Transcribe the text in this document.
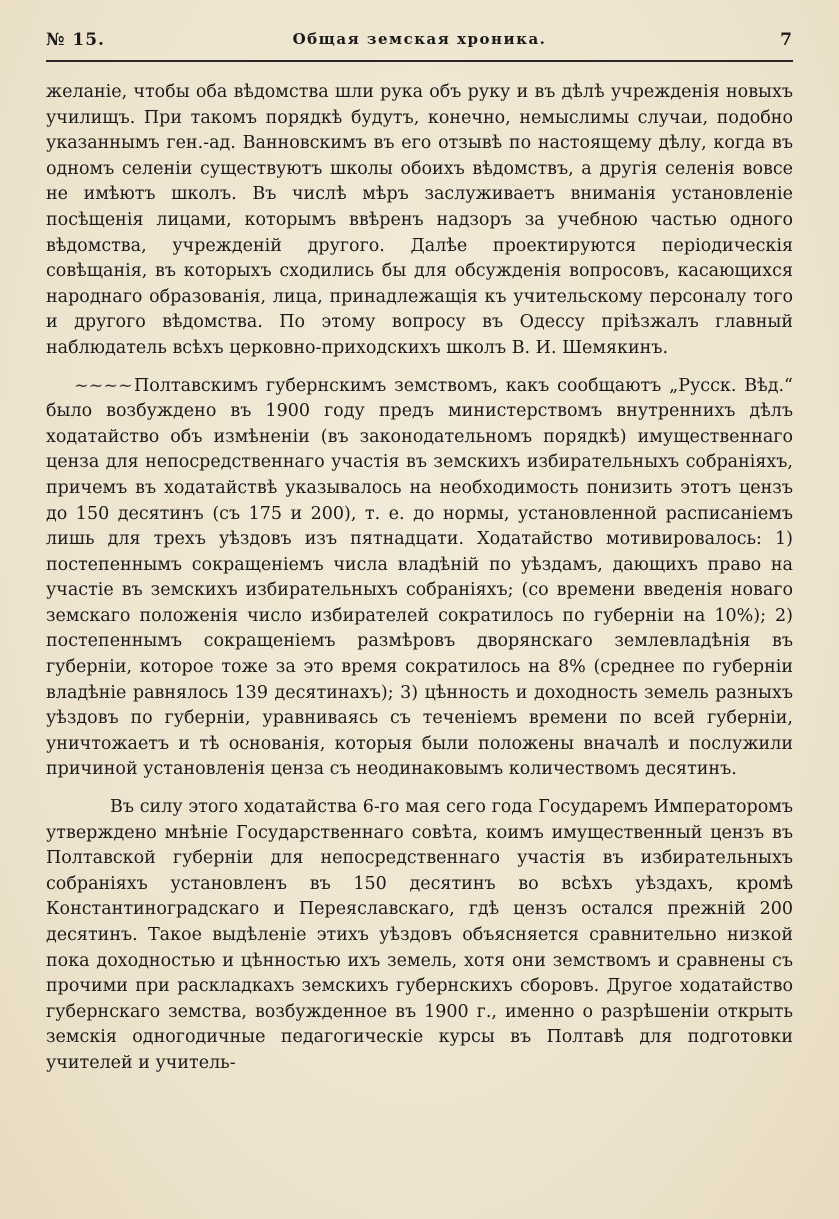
№ 15.	Общая земская хроника.	7

желаніе, чтобы оба вѣдомства шли рука объ руку и въ дѣлѣ учрежденія новыхъ училищъ. При такомъ порядкѣ будутъ, конечно, немыслимы случаи, подобно указаннымъ ген.-ад. Ванновскимъ въ его отзывѣ по настоящему дѣлу, когда въ одномъ селеніи существуютъ школы обоихъ вѣдомствъ, а другія селенія вовсе не имѣютъ школъ. Въ числѣ мѣръ заслуживаетъ вниманія установленіе посѣщенія лицами, которымъ ввѣренъ надзоръ за учебною частью одного вѣдомства, учрежденій другого. Далѣе проектируются періодическія совѣщанія, въ которыхъ сходились бы для обсужденія вопросовъ, касающихся народнаго образованія, лица, принадлежащія къ учительскому персоналу того и другого вѣдомства. По этому вопросу въ Одессу пріѣзжалъ главный наблюдатель всѣхъ церковно-приходскихъ школъ В. И. Шемякинъ.

~~~~Полтавскимъ губернскимъ земствомъ, какъ сообщаютъ „Русск. Вѣд.“ было возбуждено въ 1900 году предъ министерствомъ внутреннихъ дѣлъ ходатайство объ измѣненіи (въ законодательномъ порядкѣ) имущественнаго ценза для непосредственнаго участія въ земскихъ избирательныхъ собраніяхъ, причемъ въ ходатайствѣ указывалось на необходимость понизить этотъ цензъ до 150 десятинъ (съ 175 и 200), т. е. до нормы, установленной расписаніемъ лишь для трехъ уѣздовъ изъ пятнадцати. Ходатайство мотивировалось: 1) постепеннымъ сокращеніемъ числа владѣній по уѣздамъ, дающихъ право на участіе въ земскихъ избирательныхъ собраніяхъ; (со времени введенія новаго земскаго положенія число избирателей сократилось по губерніи на 10%); 2) постепеннымъ сокращеніемъ размѣровъ дворянскаго землевладѣнія въ губерніи, которое тоже за это время сократилось на 8% (среднее по губерніи владѣніе равнялось 139 десятинахъ); 3) цѣнность и доходность земель разныхъ уѣздовъ по губерніи, уравниваясь съ теченіемъ времени по всей губерніи, уничтожаетъ и тѣ основанія, которыя были положены вначалѣ и послужили причиной установленія ценза съ неодинаковымъ количествомъ десятинъ.

Въ силу этого ходатайства 6-го мая сего года Государемъ Императоромъ утверждено мнѣніе Государственнаго совѣта, коимъ имущественный цензъ въ Полтавской губерніи для непосредственнаго участія въ избирательныхъ собраніяхъ установленъ въ 150 десятинъ во всѣхъ уѣздахъ, кромѣ Константиноградскаго и Переяславскаго, гдѣ цензъ остался прежній 200 десятинъ. Такое выдѣленіе этихъ уѣздовъ объясняется сравнительно низкой пока доходностью и цѣнностью ихъ земель, хотя они земствомъ и сравнены съ прочими при раскладкахъ земскихъ губернскихъ сборовъ. Другое ходатайство губернскаго земства, возбужденное въ 1900 г., именно о разрѣшеніи открыть земскія одногодичные педагогическіе курсы въ Полтавѣ для подготовки учителей и учитель-
